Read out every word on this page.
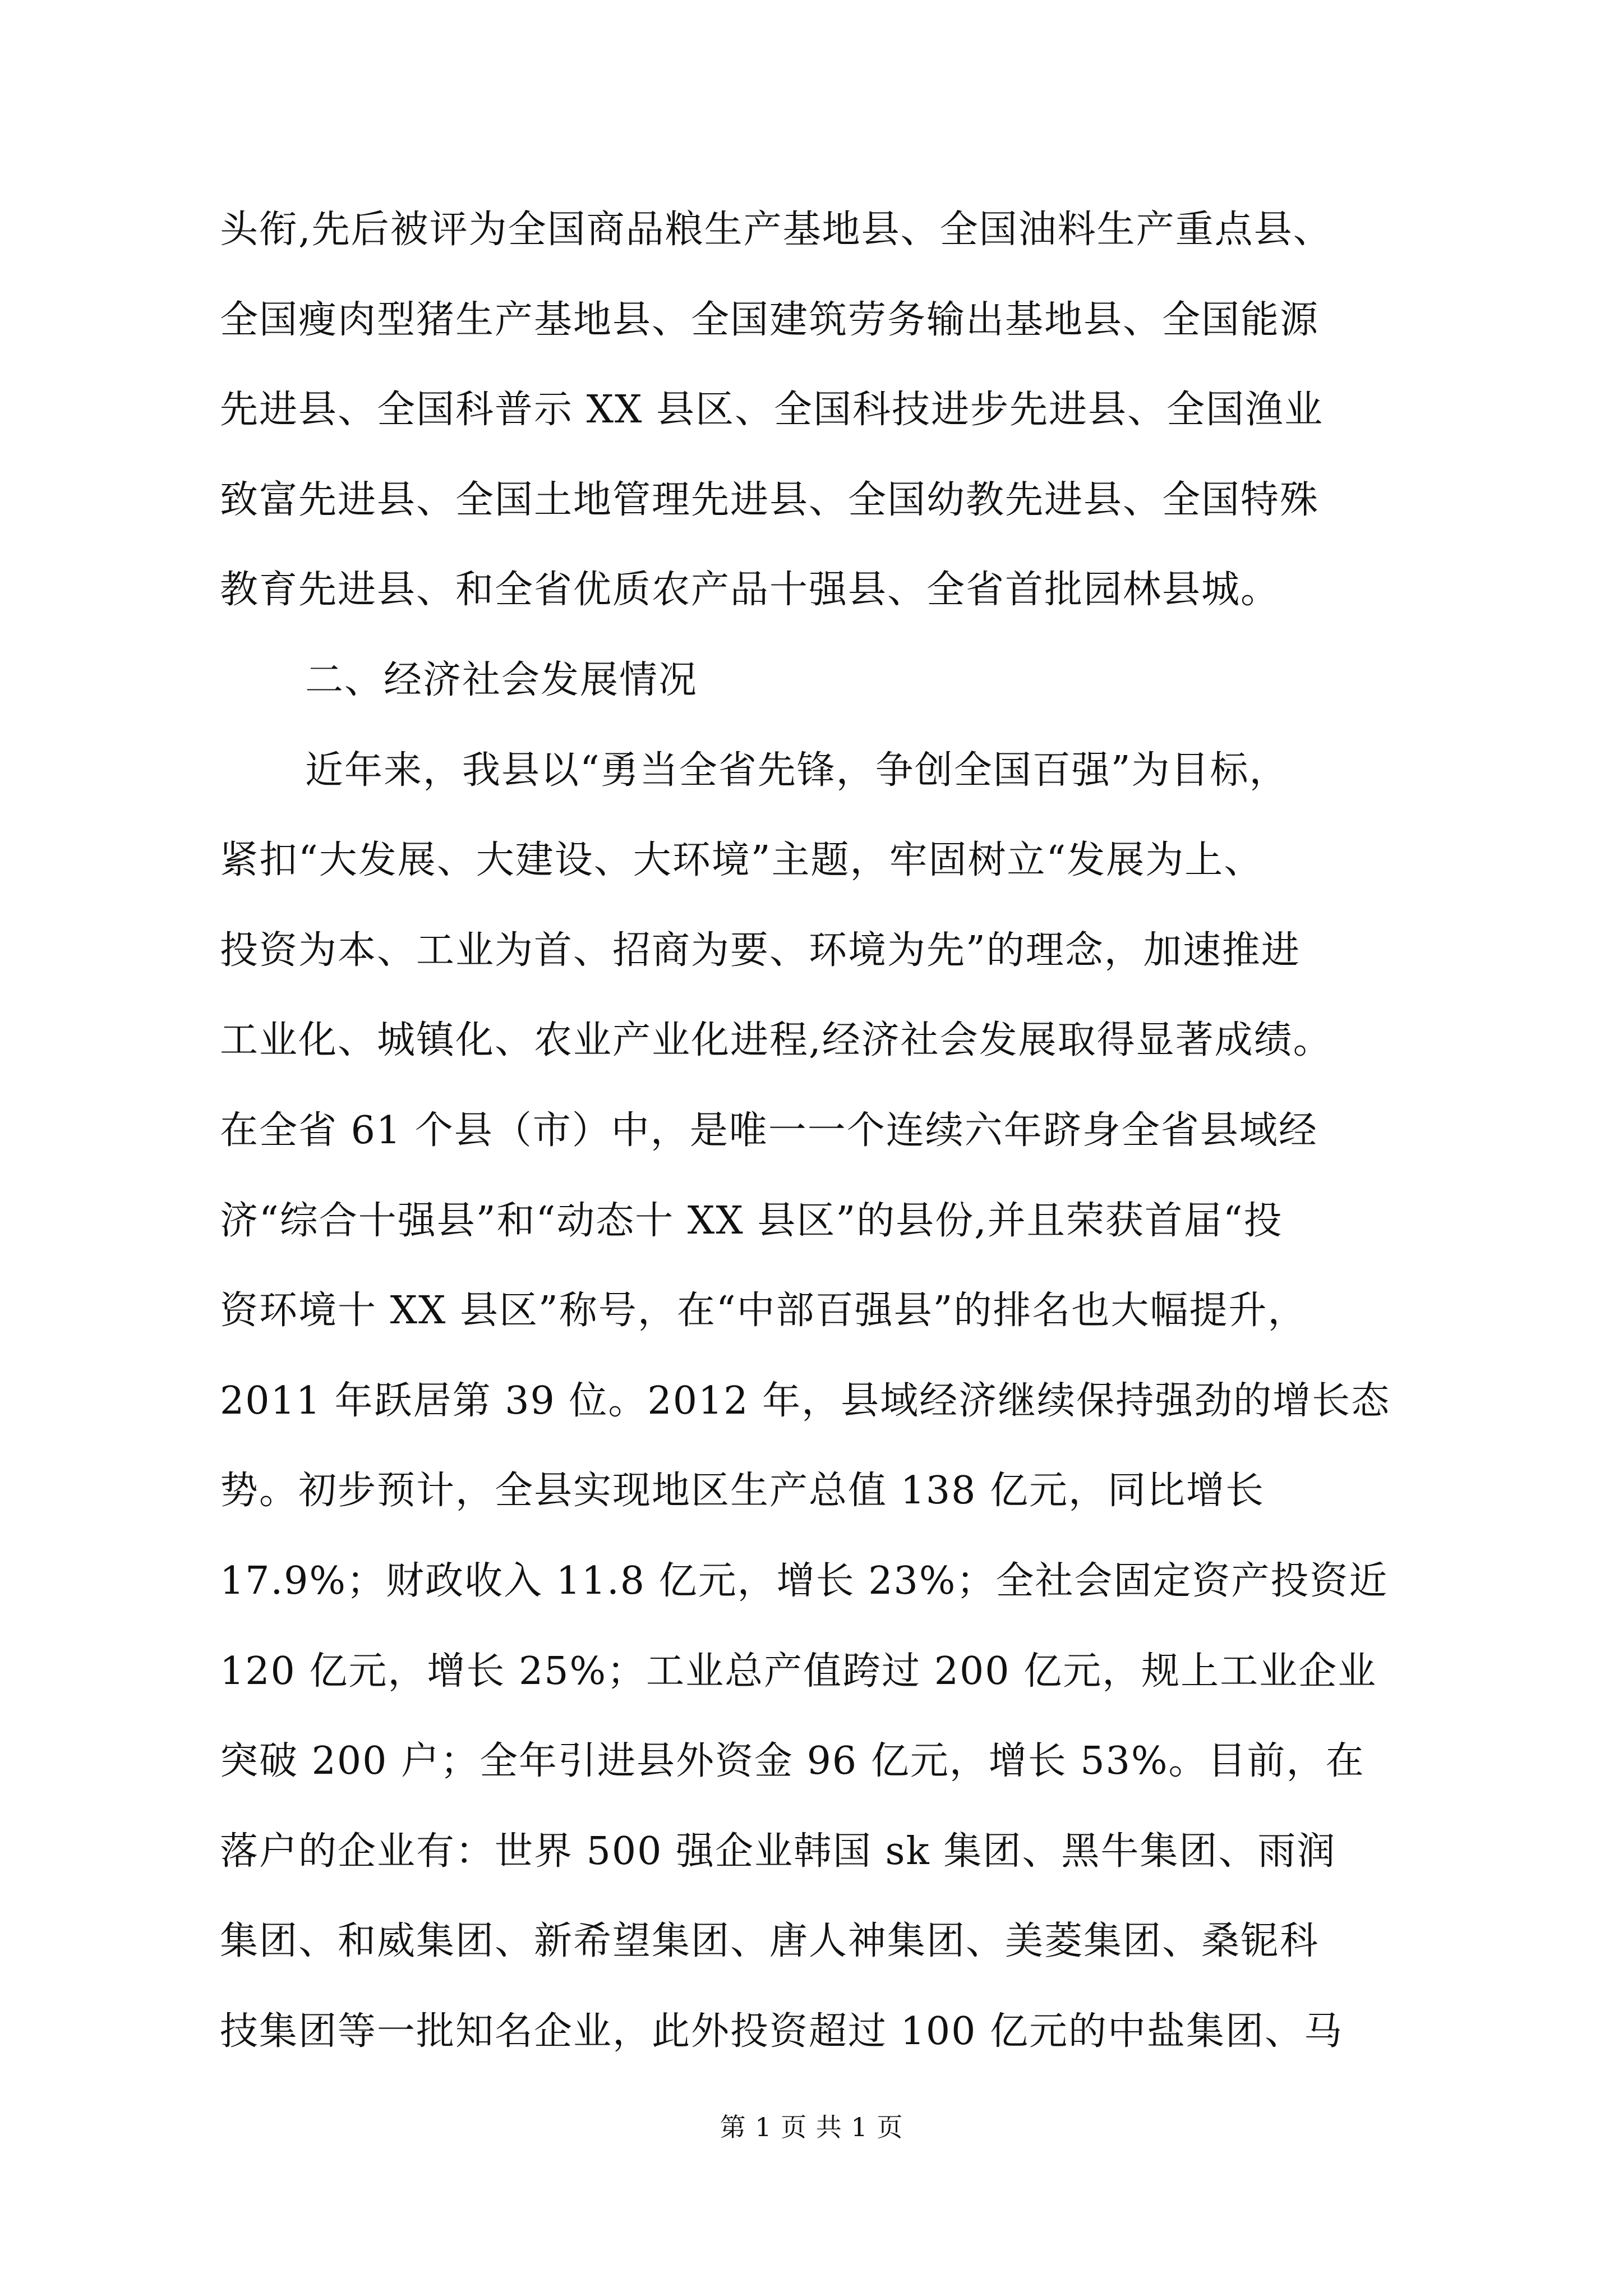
头衔,先后被评为全国商品粮生产基地县、全国油料生产重点县、
全国瘦肉型猪生产基地县、全国建筑劳务输出基地县、全国能源
先进县、全国科普示 XX 县区、全国科技进步先进县、全国渔业
致富先进县、全国土地管理先进县、全国幼教先进县、全国特殊
教育先进县、和全省优质农产品十强县、全省首批园林县城。
二、经济社会发展情况
近年来，我县以“勇当全省先锋，争创全国百强”为目标，
紧扣“大发展、大建设、大环境”主题，牢固树立“发展为上、
投资为本、工业为首、招商为要、环境为先”的理念，加速推进
工业化、城镇化、农业产业化进程,经济社会发展取得显著成绩。
在全省 61 个县（市）中，是唯一一个连续六年跻身全省县域经
济“综合十强县”和“动态十 XX 县区”的县份,并且荣获首届“投
资环境十 XX 县区”称号，在“中部百强县”的排名也大幅提升，
2011 年跃居第 39 位。2012 年，县域经济继续保持强劲的增长态
势。初步预计，全县实现地区生产总值 138 亿元，同比增长
17.9%；财政收入 11.8 亿元，增长 23%；全社会固定资产投资近
120 亿元，增长 25%；工业总产值跨过 200 亿元，规上工业企业
突破 200 户；全年引进县外资金 96 亿元，增长 53%。目前，在
落户的企业有：世界 500 强企业韩国 sk 集团、黑牛集团、雨润
集团、和威集团、新希望集团、唐人神集团、美菱集团、桑铌科
技集团等一批知名企业，此外投资超过 100 亿元的中盐集团、马
第 1 页 共 1 页
